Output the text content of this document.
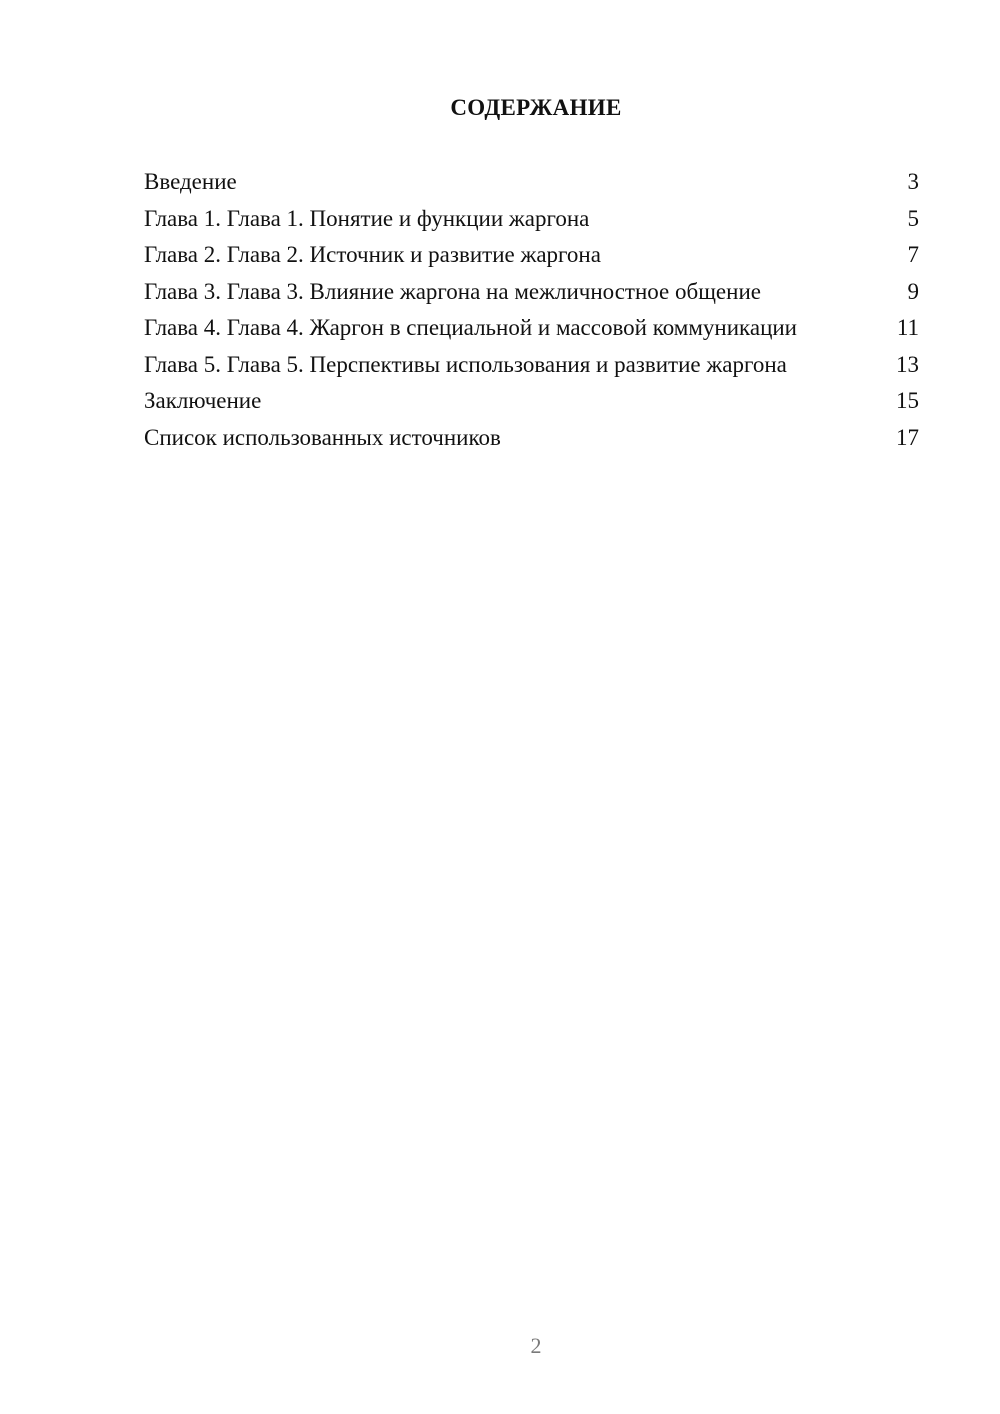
СОДЕРЖАНИЕ
Введение	3
Глава 1. Глава 1. Понятие и функции жаргона	5
Глава 2. Глава 2. Источник и развитие жаргона	7
Глава 3. Глава 3. Влияние жаргона на межличностное общение	9
Глава 4. Глава 4. Жаргон в специальной и массовой коммуникации	11
Глава 5. Глава 5. Перспективы использования и развитие жаргона	13
Заключение	15
Список использованных источников	17
2
